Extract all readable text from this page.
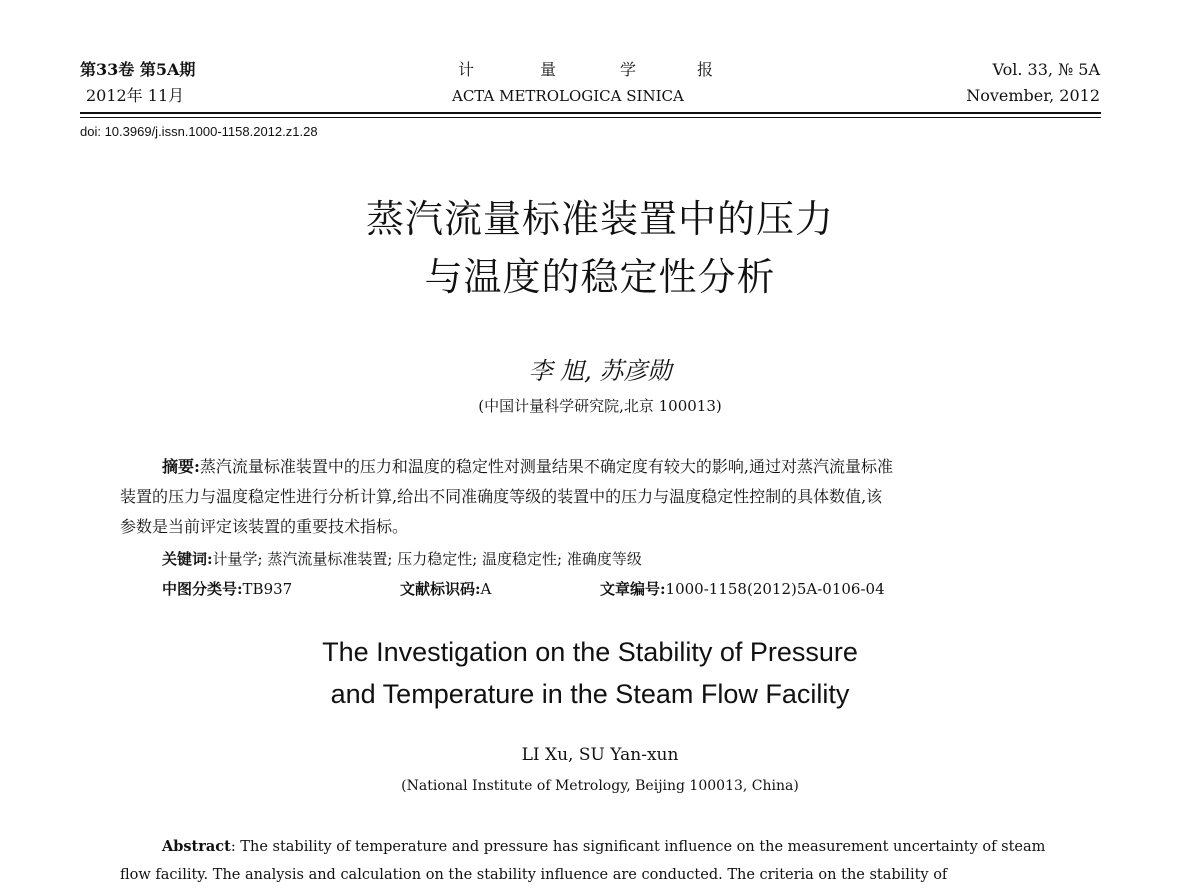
第33卷 第5A期
2012年 11月
计	量	学	报
ACTA METROLOGICA SINICA
Vol. 33, № 5A
November, 2012
doi: 10.3969/j.issn.1000-1158.2012.z1.28
蒸汽流量标准装置中的压力
与温度的稳定性分析
李 旭, 苏彦勋
(中国计量科学研究院,北京 100013)
摘要:蒸汽流量标准装置中的压力和温度的稳定性对测量结果不确定度有较大的影响,通过对蒸汽流量标准
装置的压力与温度稳定性进行分析计算,给出不同准确度等级的装置中的压力与温度稳定性控制的具体数值,该
参数是当前评定该装置的重要技术指标。
关键词:计量学; 蒸汽流量标准装置; 压力稳定性; 温度稳定性; 准确度等级
中图分类号:TB937	文献标识码:A	文章编号:1000-1158(2012)5A-0106-04
The Investigation on the Stability of Pressure
and Temperature in the Steam Flow Facility
LI Xu, SU Yan-xun
(National Institute of Metrology, Beijing 100013, China)
Abstract: The stability of temperature and pressure has significant influence on the measurement uncertainty of steam
flow facility. The analysis and calculation on the stability influence are conducted. The criteria on the stability of
